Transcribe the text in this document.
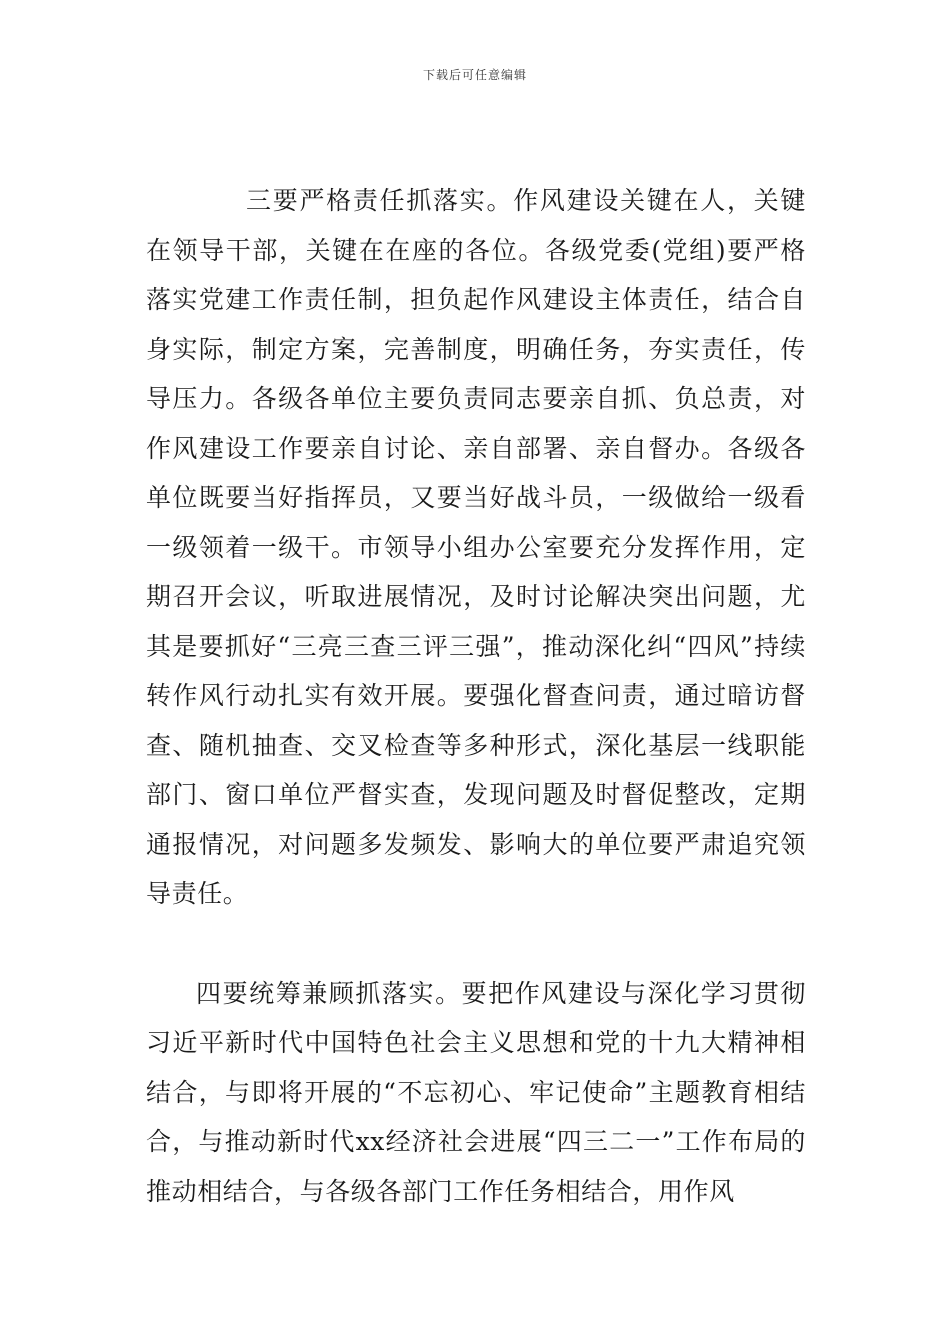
下载后可任意编辑

三要严格责任抓落实。作风建设关键在人，关键在领导干部，关键在在座的各位。各级党委(党组)要严格落实党建工作责任制，担负起作风建设主体责任，结合自身实际，制定方案，完善制度，明确任务，夯实责任，传导压力。各级各单位主要负责同志要亲自抓、负总责，对作风建设工作要亲自讨论、亲自部署、亲自督办。各级各单位既要当好指挥员，又要当好战斗员，一级做给一级看一级领着一级干。市领导小组办公室要充分发挥作用，定期召开会议，听取进展情况，及时讨论解决突出问题，尤其是要抓好“三亮三查三评三强”，推动深化纠“四风”持续转作风行动扎实有效开展。要强化督查问责，通过暗访督查、随机抽查、交叉检查等多种形式，深化基层一线职能部门、窗口单位严督实查，发现问题及时督促整改，定期通报情况，对问题多发频发、影响大的单位要严肃追究领导责任。

四要统筹兼顾抓落实。要把作风建设与深化学习贯彻习近平新时代中国特色社会主义思想和党的十九大精神相结合，与即将开展的“不忘初心、牢记使命”主题教育相结合，与推动新时代xx经济社会进展“四三二一”工作布局的推动相结合，与各级各部门工作任务相结合，用作风
